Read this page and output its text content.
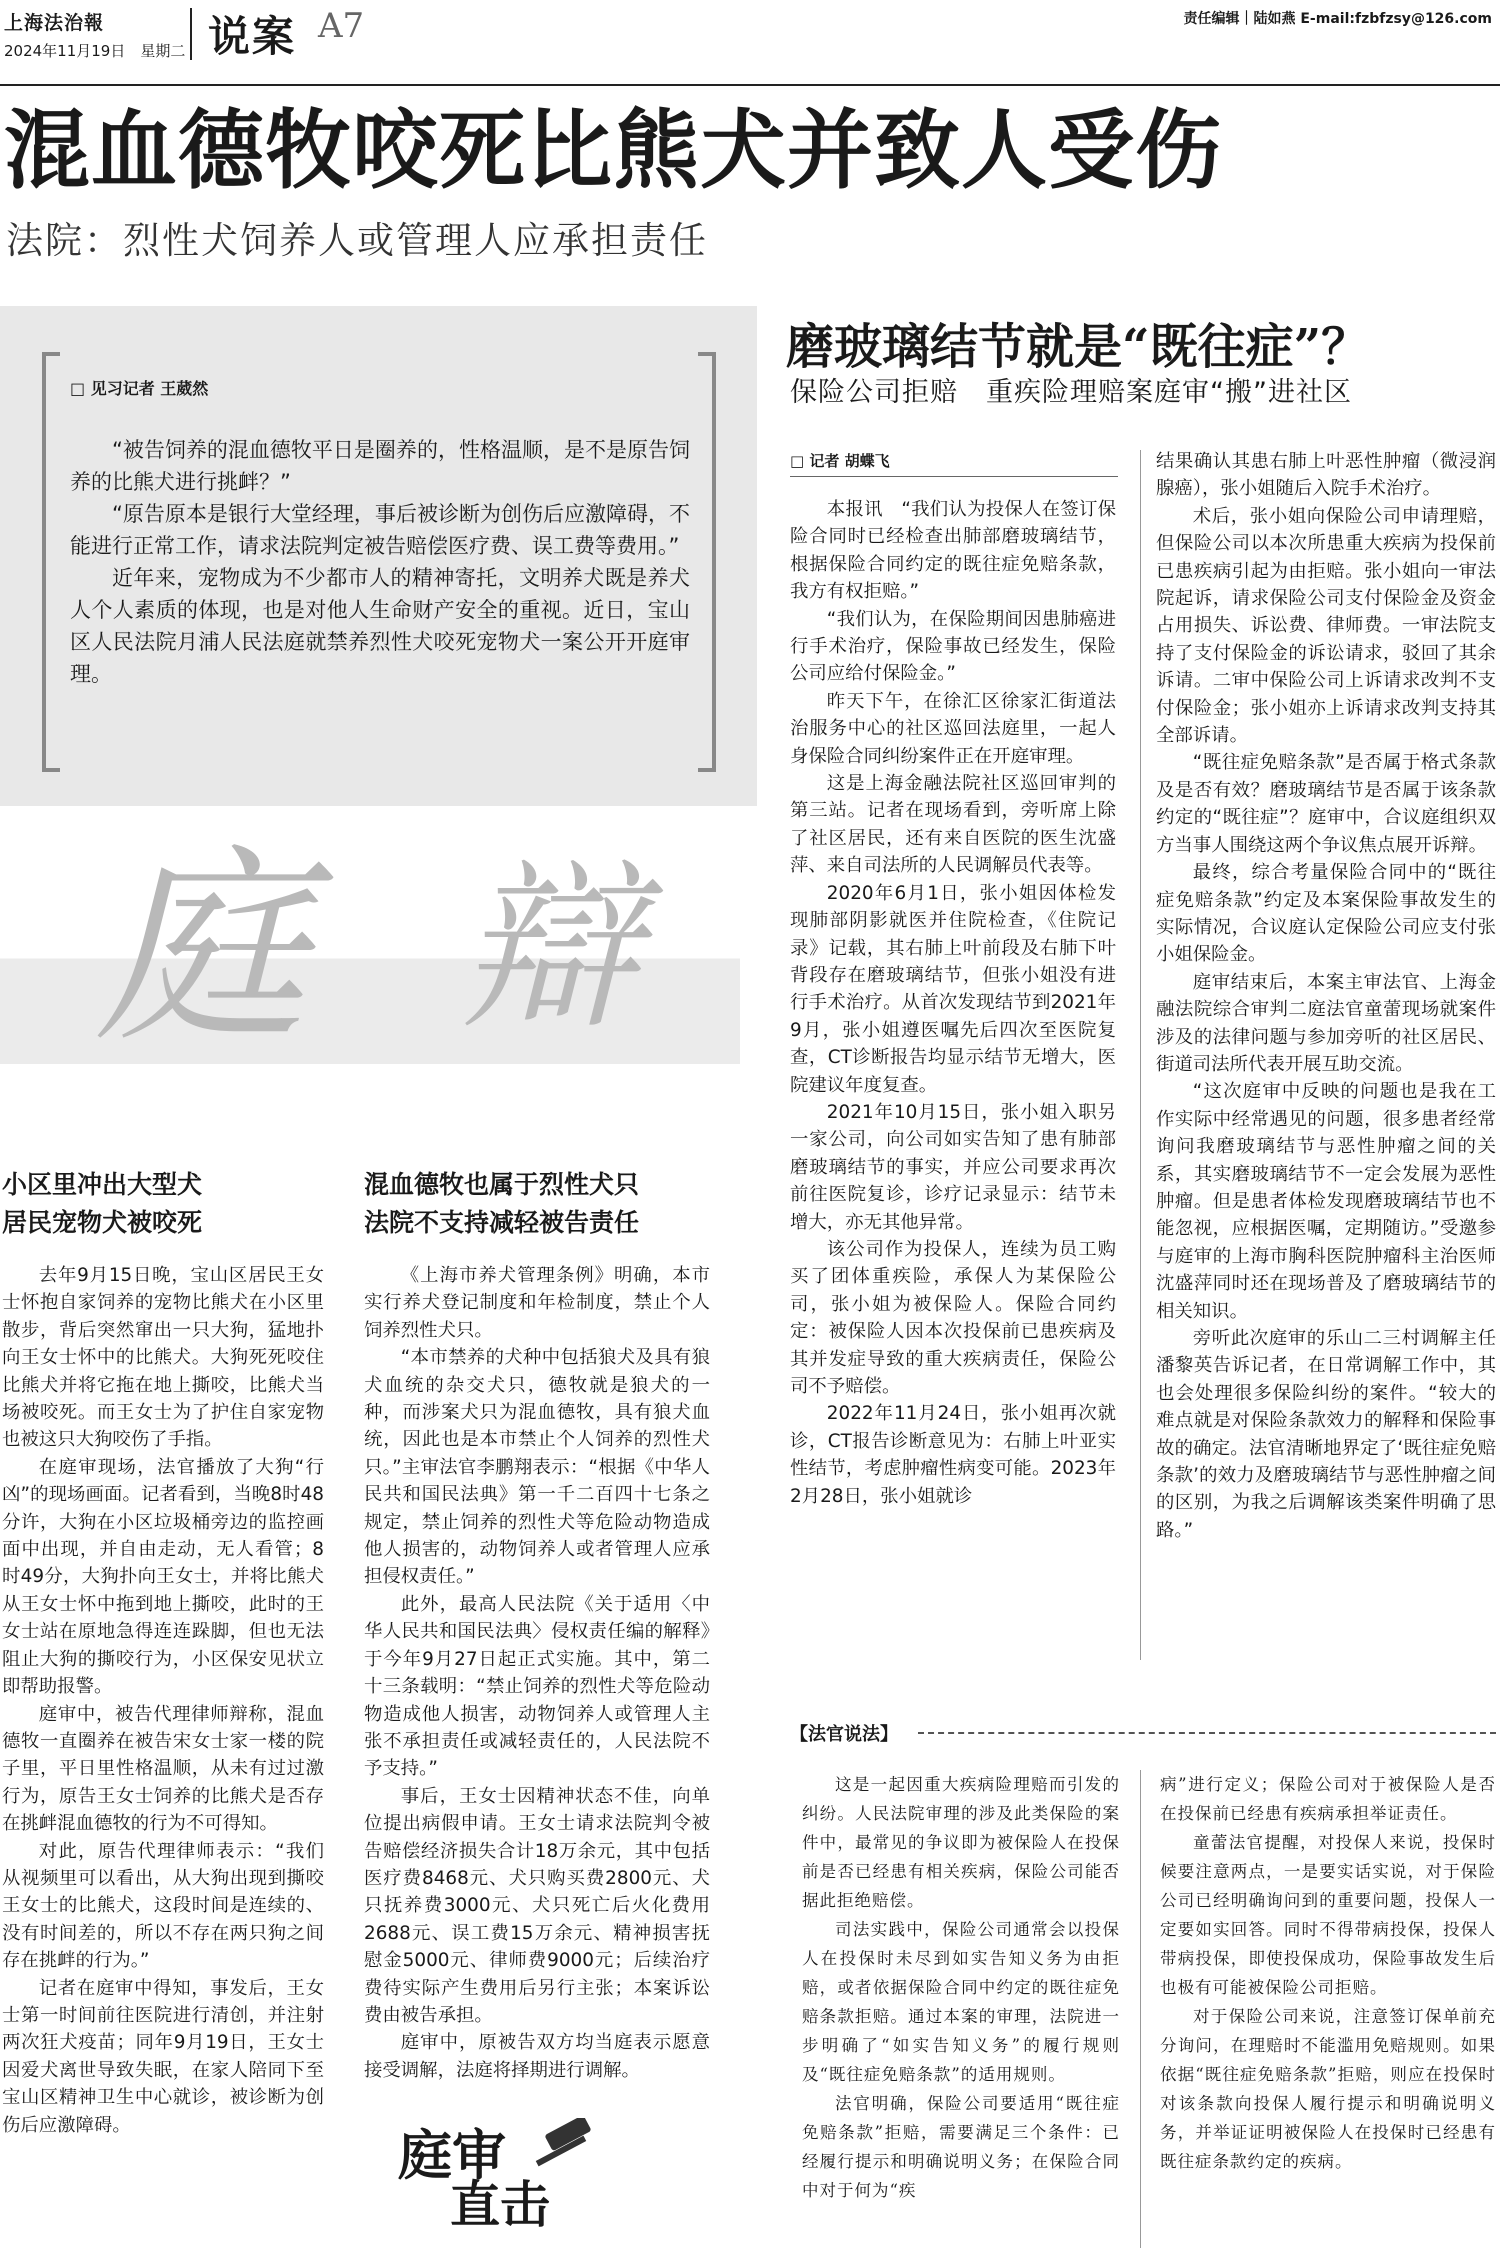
上海法治報
2024年11月19日　星期二 说案 A7	责任编辑｜陆如燕 E-mail:fzbfzsy@126.com
混血德牧咬死比熊犬并致人受伤
法院：烈性犬饲养人或管理人应承担责任
□ 见习记者 王葳然

“被告饲养的混血德牧平日是圈养的，性格温顺，是不是原告饲养的比熊犬进行挑衅？”

“原告原本是银行大堂经理，事后被诊断为创伤后应激障碍，不能进行正常工作，请求法院判定被告赔偿医疗费、误工费等费用。”

近年来，宠物成为不少都市人的精神寄托，文明养犬既是养犬人个人素质的体现，也是对他人生命财产安全的重视。近日，宝山区人民法院月浦人民法庭就禁养烈性犬咬死宠物犬一案公开开庭审理。

庭 辯
小区里冲出大型犬
居民宠物犬被咬死

去年9月15日晚，宝山区居民王女士怀抱自家饲养的宠物比熊犬在小区里散步，背后突然窜出一只大狗，猛地扑向王女士怀中的比熊犬。大狗死死咬住比熊犬并将它拖在地上撕咬，比熊犬当场被咬死。而王女士为了护住自家宠物也被这只大狗咬伤了手指。

在庭审现场，法官播放了大狗“行凶”的现场画面。记者看到，当晚8时48分许，大狗在小区垃圾桶旁边的监控画面中出现，并自由走动，无人看管；8时49分，大狗扑向王女士，并将比熊犬从王女士怀中拖到地上撕咬，此时的王女士站在原地急得连连跺脚，但也无法阻止大狗的撕咬行为，小区保安见状立即帮助报警。

庭审中，被告代理律师辩称，混血德牧一直圈养在被告宋女士家一楼的院子里，平日里性格温顺，从未有过过激行为，原告王女士饲养的比熊犬是否存在挑衅混血德牧的行为不可得知。

对此，原告代理律师表示：“我们从视频里可以看出，从大狗出现到撕咬王女士的比熊犬，这段时间是连续的、没有时间差的，所以不存在两只狗之间存在挑衅的行为。”

记者在庭审中得知，事发后，王女士第一时间前往医院进行清创，并注射两次狂犬疫苗；同年9月19日，王女士因爱犬离世导致失眠，在家人陪同下至宝山区精神卫生中心就诊，被诊断为创伤后应激障碍。

混血德牧也属于烈性犬只
法院不支持减轻被告责任

《上海市养犬管理条例》明确，本市实行养犬登记制度和年检制度，禁止个人饲养烈性犬只。

“本市禁养的犬种中包括狼犬及具有狼犬血统的杂交犬只，德牧就是狼犬的一种，而涉案犬只为混血德牧，具有狼犬血统，因此也是本市禁止个人饲养的烈性犬只。”主审法官李鹏翔表示：“根据《中华人民共和国民法典》第一千二百四十七条之规定，禁止饲养的烈性犬等危险动物造成他人损害的，动物饲养人或者管理人应承担侵权责任。”

此外，最高人民法院《关于适用〈中华人民共和国民法典〉侵权责任编的解释》于今年9月27日起正式实施。其中，第二十三条载明：“禁止饲养的烈性犬等危险动物造成他人损害，动物饲养人或管理人主张不承担责任或减轻责任的，人民法院不予支持。”

事后，王女士因精神状态不佳，向单位提出病假申请。王女士请求法院判令被告赔偿经济损失合计18万余元，其中包括医疗费8468元、犬只购买费2800元、犬只抚养费3000元、犬只死亡后火化费用2688元、误工费15万余元、精神损害抚慰金5000元、律师费9000元；后续治疗费待实际产生费用后另行主张；本案诉讼费由被告承担。

庭审中，原被告双方均当庭表示愿意接受调解，法庭将择期进行调解。

庭审
直击
磨玻璃结节就是“既往症”？
保险公司拒赔　重疾险理赔案庭审“搬”进社区
□ 记者 胡蝶飞

本报讯　“我们认为投保人在签订保险合同时已经检查出肺部磨玻璃结节，根据保险合同约定的既往症免赔条款，我方有权拒赔。”

“我们认为，在保险期间因患肺癌进行手术治疗，保险事故已经发生，保险公司应给付保险金。”

昨天下午，在徐汇区徐家汇街道法治服务中心的社区巡回法庭里，一起人身保险合同纠纷案件正在开庭审理。

这是上海金融法院社区巡回审判的第三站。记者在现场看到，旁听席上除了社区居民，还有来自医院的医生沈盛萍、来自司法所的人民调解员代表等。

2020年6月1日，张小姐因体检发现肺部阴影就医并住院检查，《住院记录》记载，其右肺上叶前段及右肺下叶背段存在磨玻璃结节，但张小姐没有进行手术治疗。从首次发现结节到2021年9月，张小姐遵医嘱先后四次至医院复查，CT诊断报告均显示结节无增大，医院建议年度复查。

2021年10月15日，张小姐入职另一家公司，向公司如实告知了患有肺部磨玻璃结节的事实，并应公司要求再次前往医院复诊，诊疗记录显示：结节未增大，亦无其他异常。

该公司作为投保人，连续为员工购买了团体重疾险，承保人为某保险公司，张小姐为被保险人。保险合同约定：被保险人因本次投保前已患疾病及其并发症导致的重大疾病责任，保险公司不予赔偿。

2022年11月24日，张小姐再次就诊，CT报告诊断意见为：右肺上叶亚实性结节，考虑肿瘤性病变可能。2023年2月28日，张小姐就诊

结果确认其患右肺上叶恶性肿瘤（微浸润腺癌），张小姐随后入院手术治疗。

术后，张小姐向保险公司申请理赔，但保险公司以本次所患重大疾病为投保前已患疾病引起为由拒赔。张小姐向一审法院起诉，请求保险公司支付保险金及资金占用损失、诉讼费、律师费。一审法院支持了支付保险金的诉讼请求，驳回了其余诉请。二审中保险公司上诉请求改判不支付保险金；张小姐亦上诉请求改判支持其全部诉请。

“既往症免赔条款”是否属于格式条款及是否有效？磨玻璃结节是否属于该条款约定的“既往症”？庭审中，合议庭组织双方当事人围绕这两个争议焦点展开诉辩。

最终，综合考量保险合同中的“既往症免赔条款”约定及本案保险事故发生的实际情况，合议庭认定保险公司应支付张小姐保险金。

庭审结束后，本案主审法官、上海金融法院综合审判二庭法官童蕾现场就案件涉及的法律问题与参加旁听的社区居民、街道司法所代表开展互助交流。

“这次庭审中反映的问题也是我在工作实际中经常遇见的问题，很多患者经常询问我磨玻璃结节与恶性肿瘤之间的关系，其实磨玻璃结节不一定会发展为恶性肿瘤。但是患者体检发现磨玻璃结节也不能忽视，应根据医嘱，定期随访。”受邀参与庭审的上海市胸科医院肿瘤科主治医师沈盛萍同时还在现场普及了磨玻璃结节的相关知识。

旁听此次庭审的乐山二三村调解主任潘黎英告诉记者，在日常调解工作中，其也会处理很多保险纠纷的案件。“较大的难点就是对保险条款效力的解释和保险事故的确定。法官清晰地界定了‘既往症免赔条款’的效力及磨玻璃结节与恶性肿瘤之间的区别，为我之后调解该类案件明确了思路。”

【法官说法】

这是一起因重大疾病险理赔而引发的纠纷。人民法院审理的涉及此类保险的案件中，最常见的争议即为被保险人在投保前是否已经患有相关疾病，保险公司能否据此拒绝赔偿。

司法实践中，保险公司通常会以投保人在投保时未尽到如实告知义务为由拒赔，或者依据保险合同中约定的既往症免赔条款拒赔。通过本案的审理，法院进一步明确了“如实告知义务”的履行规则及“既往症免赔条款”的适用规则。

法官明确，保险公司要适用“既往症免赔条款”拒赔，需要满足三个条件：已经履行提示和明确说明义务；在保险合同中对于何为“疾

病”进行定义；保险公司对于被保险人是否在投保前已经患有疾病承担举证责任。

童蕾法官提醒，对投保人来说，投保时候要注意两点，一是要实话实说，对于保险公司已经明确询问到的重要问题，投保人一定要如实回答。同时不得带病投保，投保人带病投保，即使投保成功，保险事故发生后也极有可能被保险公司拒赔。

对于保险公司来说，注意签订保单前充分询问，在理赔时不能滥用免赔规则。如果依据“既往症免赔条款”拒赔，则应在投保时对该条款向投保人履行提示和明确说明义务，并举证证明被保险人在投保时已经患有既往症条款约定的疾病。
